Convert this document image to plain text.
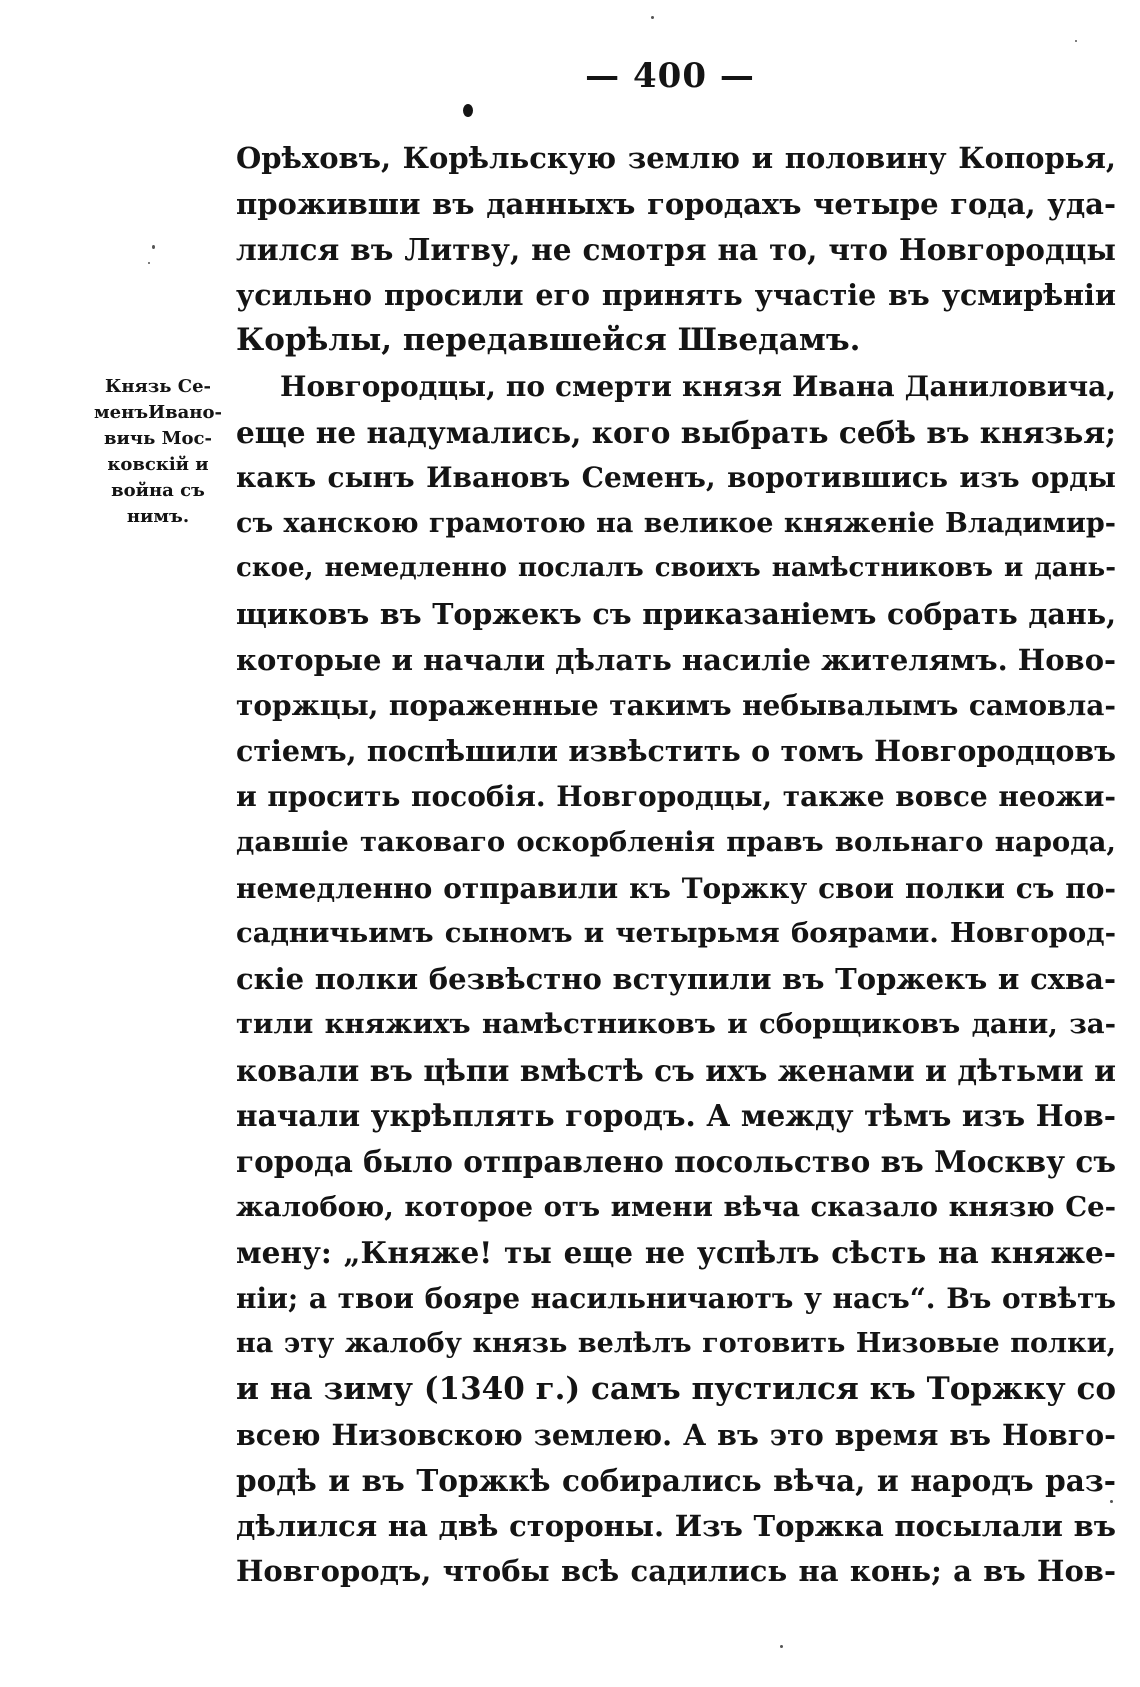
— 400 —
Князь Се-
менъИвано-
вичь Мос-
ковскій и
война съ
нимъ.
Орѣховъ, Корѣльскую землю и половину Копорья,
проживши въ данныхъ городахъ четыре года, уда-
лился въ Литву, не смотря на то, что Новгородцы
усильно просили его принять участіе въ усмирѣніи
Корѣлы, передавшейся Шведамъ.
Новгородцы, по смерти князя Ивана Даниловича,
еще не надумались, кого выбрать себѣ въ князья;
какъ сынъ Ивановъ Семенъ, воротившись изъ орды
съ ханскою грамотою на великое княженіе Владимир-
ское, немедленно послалъ своихъ намѣстниковъ и дань-
щиковъ въ Торжекъ съ приказаніемъ собрать дань,
которые и начали дѣлать насиліе жителямъ. Ново-
торжцы, пораженные такимъ небывалымъ самовла-
стіемъ, поспѣшили извѣстить о томъ Новгородцовъ
и просить пособія. Новгородцы, также вовсе неожи-
давшіе таковаго оскорбленія правъ вольнаго народа,
немедленно отправили къ Торжку свои полки съ по-
садничьимъ сыномъ и четырьмя боярами. Новгород-
скіе полки безвѣстно вступили въ Торжекъ и схва-
тили княжихъ намѣстниковъ и сборщиковъ дани, за-
ковали въ цѣпи вмѣстѣ съ ихъ женами и дѣтьми и
начали укрѣплять городъ. А между тѣмъ изъ Нов-
города было отправлено посольство въ Москву съ
жалобою, которое отъ имени вѣча сказало князю Се-
мену: „Княже! ты еще не успѣлъ сѣсть на княже-
ніи; а твои бояре насильничаютъ у насъ“. Въ отвѣтъ
на эту жалобу князь велѣлъ готовить Низовые полки,
и на зиму (1340 г.) самъ пустился къ Торжку со
всею Низовскою землею. А въ это время въ Новго-
родѣ и въ Торжкѣ собирались вѣча, и народъ раз-
дѣлился на двѣ стороны. Изъ Торжка посылали въ
Новгородъ, чтобы всѣ садились на конь; а въ Нов-
